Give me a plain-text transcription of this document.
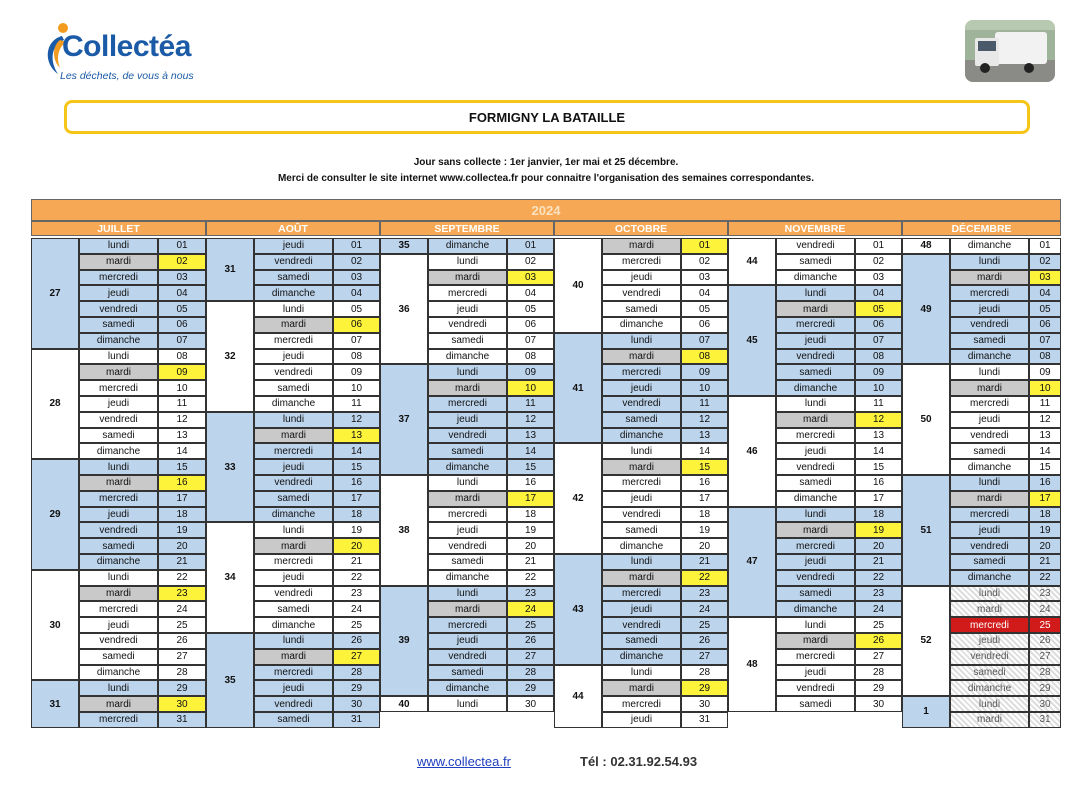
Collectéa
Les déchets, de vous à nous
FORMIGNY LA BATAILLE
Jour sans collecte : 1er janvier, 1er mai et 25 décembre.
Merci de consulter le site internet www.collectea.fr pour connaitre l'organisation des semaines correspondantes.
2024
JUILLET
27
lundi	01
mardi	02
mercredi	03
jeudi	04
vendredi	05
samedi	06
dimanche	07
28
lundi	08
mardi	09
mercredi	10
jeudi	11
vendredi	12
samedi	13
dimanche	14
29
lundi	15
mardi	16
mercredi	17
jeudi	18
vendredi	19
samedi	20
dimanche	21
30
lundi	22
mardi	23
mercredi	24
jeudi	25
vendredi	26
samedi	27
dimanche	28
31
lundi	29
mardi	30
mercredi	31
AOÛT
31
jeudi	01
vendredi	02
samedi	03
dimanche	04
32
lundi	05
mardi	06
mercredi	07
jeudi	08
vendredi	09
samedi	10
dimanche	11
33
lundi	12
mardi	13
mercredi	14
jeudi	15
vendredi	16
samedi	17
dimanche	18
34
lundi	19
mardi	20
mercredi	21
jeudi	22
vendredi	23
samedi	24
dimanche	25
35
lundi	26
mardi	27
mercredi	28
jeudi	29
vendredi	30
samedi	31
SEPTEMBRE
35	dimanche	01
36
lundi	02
mardi	03
mercredi	04
jeudi	05
vendredi	06
samedi	07
dimanche	08
37
lundi	09
mardi	10
mercredi	11
jeudi	12
vendredi	13
samedi	14
dimanche	15
38
lundi	16
mardi	17
mercredi	18
jeudi	19
vendredi	20
samedi	21
dimanche	22
39
lundi	23
mardi	24
mercredi	25
jeudi	26
vendredi	27
samedi	28
dimanche	29
40	lundi	30
OCTOBRE
40
mardi	01
mercredi	02
jeudi	03
vendredi	04
samedi	05
dimanche	06
41
lundi	07
mardi	08
mercredi	09
jeudi	10
vendredi	11
samedi	12
dimanche	13
42
lundi	14
mardi	15
mercredi	16
jeudi	17
vendredi	18
samedi	19
dimanche	20
43
lundi	21
mardi	22
mercredi	23
jeudi	24
vendredi	25
samedi	26
dimanche	27
44
lundi	28
mardi	29
mercredi	30
jeudi	31
NOVEMBRE
44
vendredi	01
samedi	02
dimanche	03
45
lundi	04
mardi	05
mercredi	06
jeudi	07
vendredi	08
samedi	09
dimanche	10
46
lundi	11
mardi	12
mercredi	13
jeudi	14
vendredi	15
samedi	16
dimanche	17
47
lundi	18
mardi	19
mercredi	20
jeudi	21
vendredi	22
samedi	23
dimanche	24
48
lundi	25
mardi	26
mercredi	27
jeudi	28
vendredi	29
samedi	30
DÉCEMBRE
48	dimanche	01
49
lundi	02
mardi	03
mercredi	04
jeudi	05
vendredi	06
samedi	07
dimanche	08
50
lundi	09
mardi	10
mercredi	11
jeudi	12
vendredi	13
samedi	14
dimanche	15
51
lundi	16
mardi	17
mercredi	18
jeudi	19
vendredi	20
samedi	21
dimanche	22
52
lundi	23
mardi	24
mercredi	25
jeudi	26
vendredi	27
samedi	28
dimanche	29
1
lundi	30
mardi	31
www.collectea.fr	Tél : 02.31.92.54.93
